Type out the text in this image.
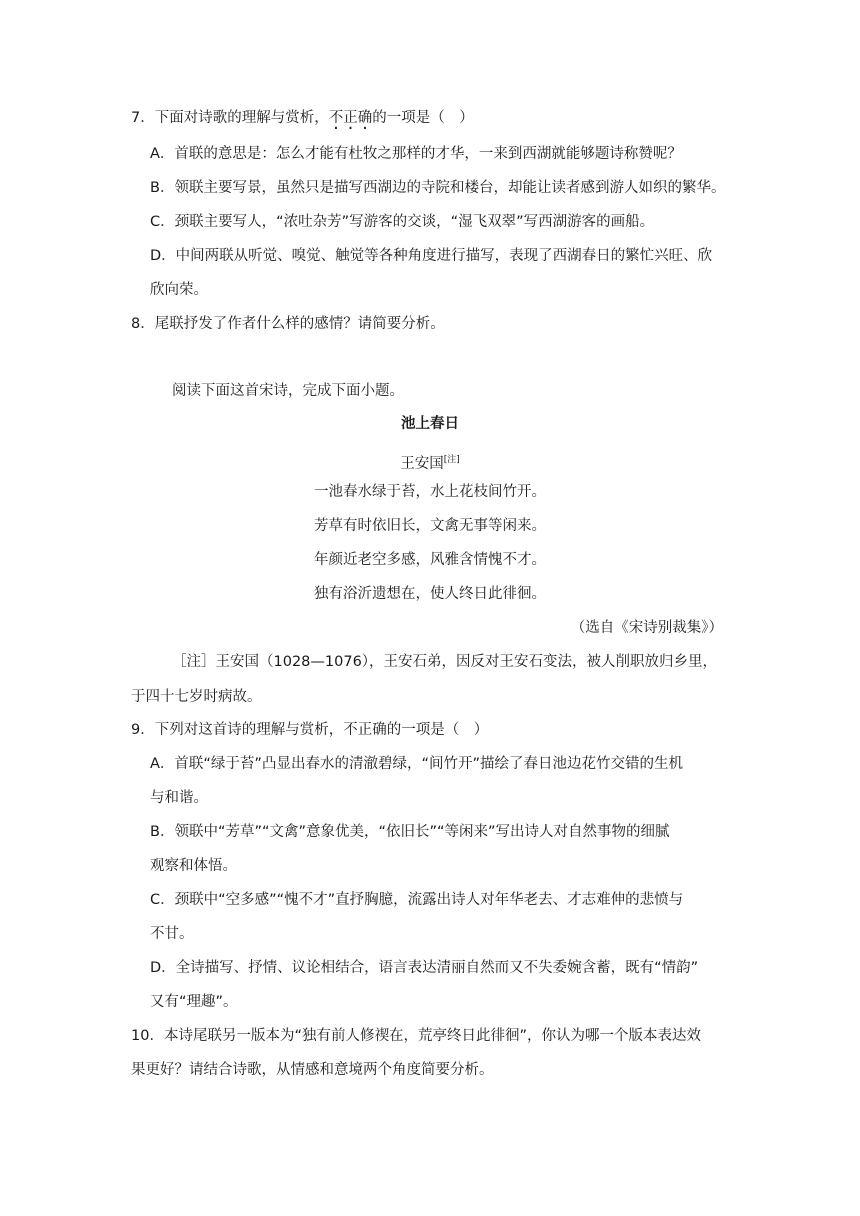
7．下面对诗歌的理解与赏析，不正确的一项是（　）
A．首联的意思是：怎么才能有杜牧之那样的才华，一来到西湖就能够题诗称赞呢？
B．领联主要写景，虽然只是描写西湖边的寺院和楼台，却能让读者感到游人如织的繁华。
C．颈联主要写人，“浓吐杂芳”写游客的交谈，“湿飞双翠”写西湖游客的画船。
D．中间两联从听觉、嗅觉、触觉等各种角度进行描写，表现了西湖春日的繁忙兴旺、欣
欣向荣。
8．尾联抒发了作者什么样的感情？请简要分析。
阅读下面这首宋诗，完成下面小题。
池上春日
王安国[注]
一池春水绿于苔，水上花枝间竹开。
芳草有时依旧长，文禽无事等闲来。
年颜近老空多感，风雅含情愧不才。
独有浴沂遗想在，使人终日此徘徊。
（选自《宋诗别裁集》）
［注］王安国（1028—1076），王安石弟，因反对王安石变法，被人削职放归乡里，
于四十七岁时病故。
9．下列对这首诗的理解与赏析，不正确的一项是（　）
A．首联“绿于苔”凸显出春水的清澈碧绿，“间竹开”描绘了春日池边花竹交错的生机
与和谐。
B．领联中“芳草”“文禽”意象优美，“依旧长”“等闲来”写出诗人对自然事物的细腻
观察和体悟。
C．颈联中“空多感”“愧不才”直抒胸臆，流露出诗人对年华老去、才志难伸的悲愤与
不甘。
D．全诗描写、抒情、议论相结合，语言表达清丽自然而又不失委婉含蓄，既有“情韵”
又有“理趣”。
10．本诗尾联另一版本为“独有前人修禊在，荒亭终日此徘徊”，你认为哪一个版本表达效
果更好？请结合诗歌，从情感和意境两个角度简要分析。
